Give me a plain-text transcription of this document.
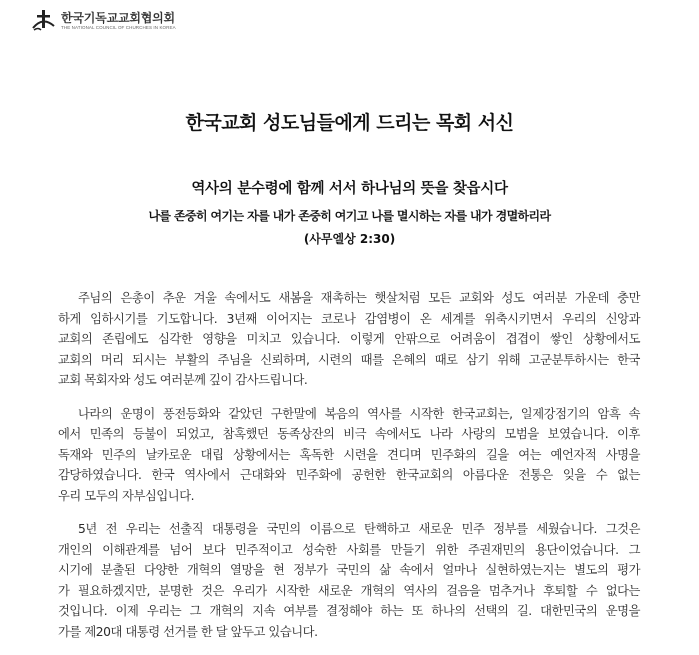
한국기독교교회협의회
THE NATIONAL COUNCIL OF CHURCHES IN KOREA
한국교회 성도님들에게 드리는 목회 서신
역사의 분수령에 함께 서서 하나님의 뜻을 찾읍시다
나를 존중히 여기는 자를 내가 존중히 여기고 나를 멸시하는 자를 내가 경멸하리라
(사무엘상 2:30)
주님의 은총이 추운 겨울 속에서도 새봄을 재촉하는 햇살처럼 모든 교회와 성도 여러분 가운데 충만
하게 임하시기를 기도합니다. 3년째 이어지는 코로나 감염병이 온 세계를 위축시키면서 우리의 신앙과
교회의 존립에도 심각한 영향을 미치고 있습니다. 이렇게 안팎으로 어려움이 겹겹이 쌓인 상황에서도
교회의 머리 되시는 부활의 주님을 신뢰하며, 시련의 때를 은혜의 때로 삼기 위해 고군분투하시는 한국
교회 목회자와 성도 여러분께 깊이 감사드립니다.
나라의 운명이 풍전등화와 같았던 구한말에 복음의 역사를 시작한 한국교회는, 일제강점기의 암흑 속
에서 민족의 등불이 되었고, 참혹했던 동족상잔의 비극 속에서도 나라 사랑의 모범을 보였습니다. 이후
독재와 민주의 날카로운 대립 상황에서는 혹독한 시련을 견디며 민주화의 길을 여는 예언자적 사명을
감당하였습니다. 한국 역사에서 근대화와 민주화에 공헌한 한국교회의 아름다운 전통은 잊을 수 없는
우리 모두의 자부심입니다.
5년 전 우리는 선출직 대통령을 국민의 이름으로 탄핵하고 새로운 민주 정부를 세웠습니다. 그것은
개인의 이해관계를 넘어 보다 민주적이고 성숙한 사회를 만들기 위한 주권재민의 용단이었습니다. 그
시기에 분출된 다양한 개혁의 열망을 현 정부가 국민의 삶 속에서 얼마나 실현하였는지는 별도의 평가
가 필요하겠지만, 분명한 것은 우리가 시작한 새로운 개혁의 역사의 걸음을 멈추거나 후퇴할 수 없다는
것입니다. 이제 우리는 그 개혁의 지속 여부를 결정해야 하는 또 하나의 선택의 길. 대한민국의 운명을
가를 제20대 대통령 선거를 한 달 앞두고 있습니다.
